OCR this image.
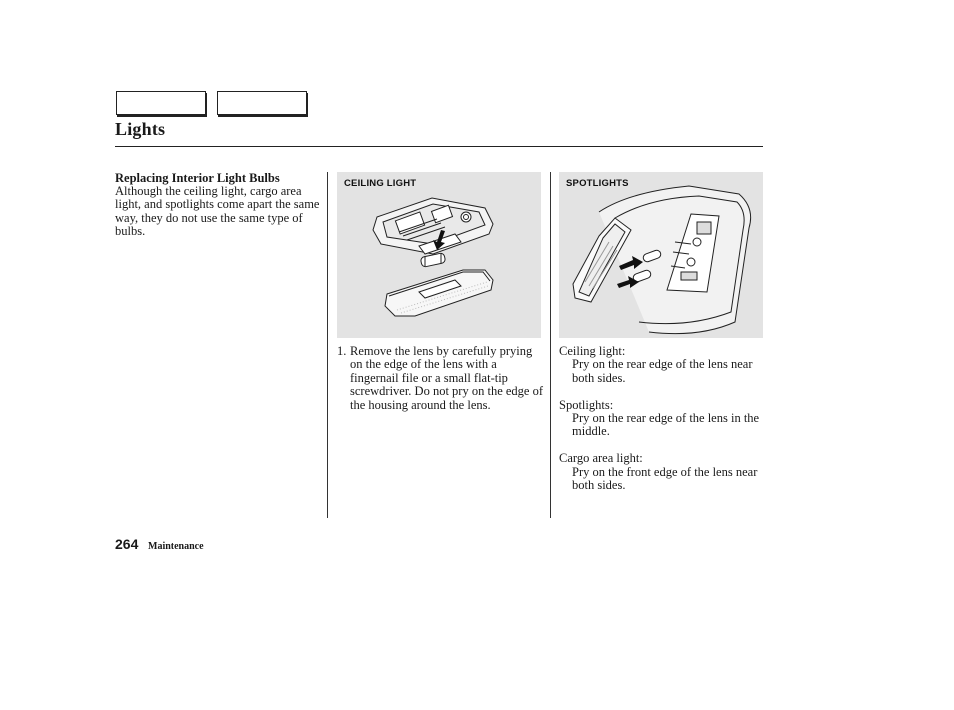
Lights
Replacing Interior Light Bulbs
Although the ceiling light, cargo area light, and spotlights come apart the same way, they do not use the same type of bulbs.
CEILING LIGHT	SPOTLIGHTS
1. Remove the lens by carefully prying on the edge of the lens with a fingernail file or a small flat-tip screwdriver. Do not pry on the edge of the housing around the lens.
Ceiling light:
Pry on the rear edge of the lens near both sides.
Spotlights:
Pry on the rear edge of the lens in the middle.
Cargo area light:
Pry on the front edge of the lens near both sides.
264 Maintenance
